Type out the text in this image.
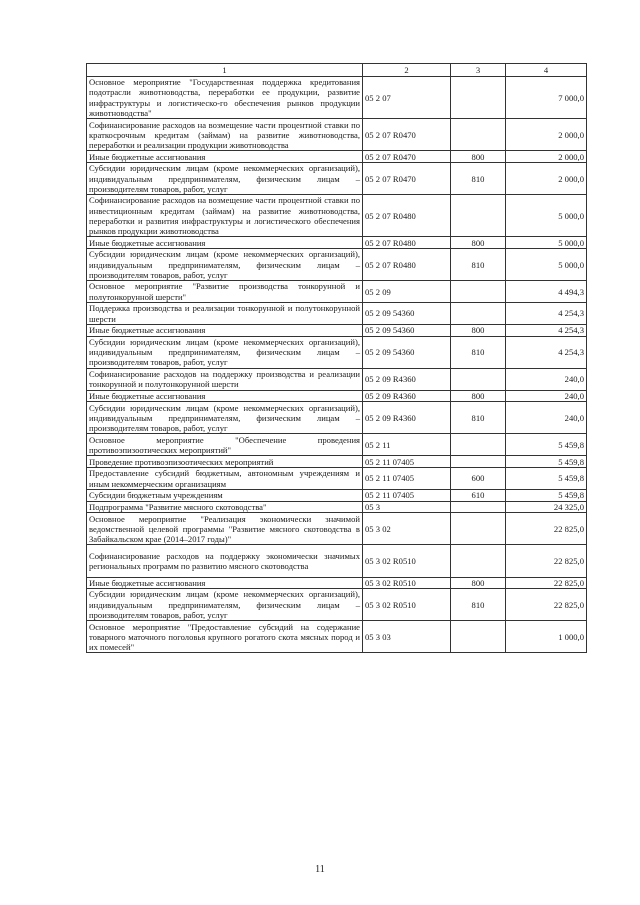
1	2	3	4
Основное мероприятие "Государственная поддержка кредитования подотрасли животноводства, переработки ее продукции, развитие инфраструктуры и логистическо-го обеспечения рынков продукции животноводства"	05 2 07		7 000,0
Софинансирование расходов на возмещение части процентной ставки по краткосрочным кредитам (займам) на развитие животноводства, переработки и реализации продукции животноводства	05 2 07 R0470		2 000,0
Иные бюджетные ассигнования	05 2 07 R0470	800	2 000,0
Субсидии юридическим лицам (кроме некоммерческих организаций), индивидуальным предпринимателям, физическим лицам – производителям товаров, работ, услуг	05 2 07 R0470	810	2 000,0
Софинансирование расходов на возмещение части процентной ставки по инвестиционным кредитам (займам) на развитие животноводства, переработки и развития инфраструктуры и логистического обеспечения рынков продукции животноводства	05 2 07 R0480		5 000,0
Иные бюджетные ассигнования	05 2 07 R0480	800	5 000,0
Субсидии юридическим лицам (кроме некоммерческих организаций), индивидуальным предпринимателям, физическим лицам – производителям товаров, работ, услуг	05 2 07 R0480	810	5 000,0
Основное мероприятие "Развитие производства тонкорунной и полутонкорунной шерсти"	05 2 09		4 494,3
Поддержка производства и реализации тонкорунной и полутонкорунной шерсти	05 2 09 54360		4 254,3
Иные бюджетные ассигнования	05 2 09 54360	800	4 254,3
Субсидии юридическим лицам (кроме некоммерческих организаций), индивидуальным предпринимателям, физическим лицам – производителям товаров, работ, услуг	05 2 09 54360	810	4 254,3
Софинансирование расходов на поддержку производства и реализации тонкорунной и полутонкорунной шерсти	05 2 09 R4360		240,0
Иные бюджетные ассигнования	05 2 09 R4360	800	240,0
Субсидии юридическим лицам (кроме некоммерческих организаций), индивидуальным предпринимателям, физическим лицам – производителям товаров, работ, услуг	05 2 09 R4360	810	240,0
Основное мероприятие "Обеспечение проведения противоэпизоотических мероприятий"	05 2 11		5 459,8
Проведение противоэпизоотических мероприятий	05 2 11 07405		5 459,8
Предоставление субсидий бюджетным, автономным учреждениям и иным некоммерческим организациям	05 2 11 07405	600	5 459,8
Субсидии бюджетным учреждениям	05 2 11 07405	610	5 459,8
Подпрограмма "Развитие мясного скотоводства"	05 3		24 325,0
Основное мероприятие "Реализация экономически значимой ведомственной целевой программы "Развитие мясного скотоводства в Забайкальском крае (2014–2017 годы)"	05 3 02		22 825,0
Софинансирование расходов на поддержку экономически значимых региональных программ по развитию мясного скотоводства	05 3 02 R0510		22 825,0
Иные бюджетные ассигнования	05 3 02 R0510	800	22 825,0
Субсидии юридическим лицам (кроме некоммерческих организаций), индивидуальным предпринимателям, физическим лицам – производителям товаров, работ, услуг	05 3 02 R0510	810	22 825,0
Основное мероприятие "Предоставление субсидий на содержание товарного маточного поголовья крупного рогатого скота мясных пород и их помесей"	05 3 03		1 000,0
11
